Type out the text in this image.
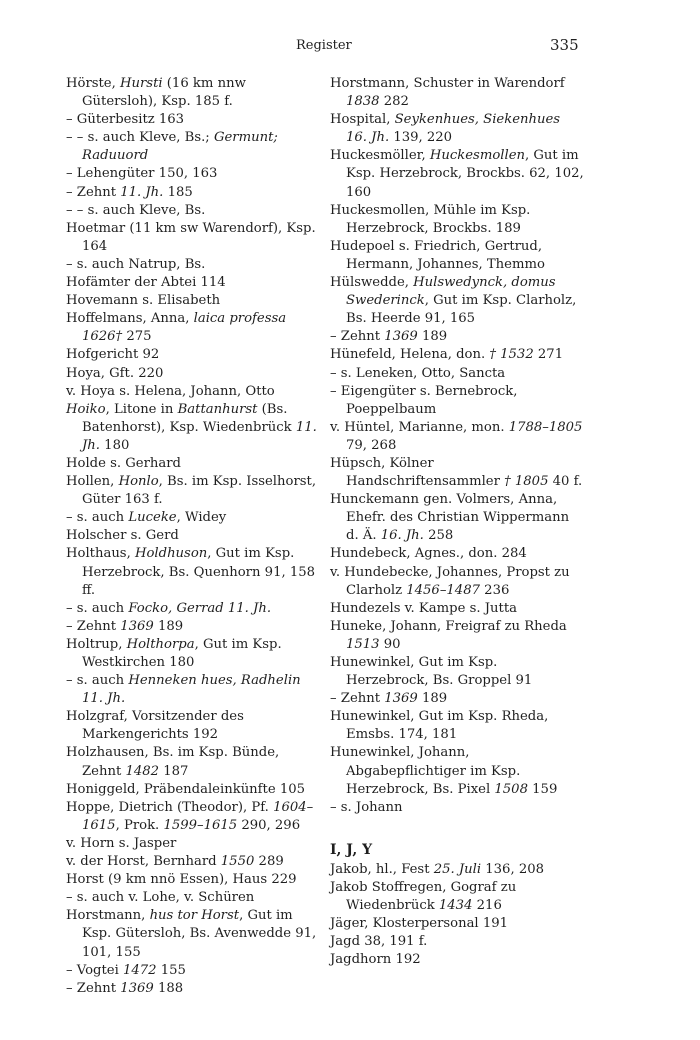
Register	335
Hörste, Hursti (16 km nnw Gütersloh), Ksp. 185 f.
– Güterbesitz 163
– – s. auch Kleve, Bs.; Germunt; Raduuord
– Lehengüter 150, 163
– Zehnt 11. Jh. 185
– – s. auch Kleve, Bs.
Hoetmar (11 km sw Warendorf), Ksp. 164
– s. auch Natrup, Bs.
Hofämter der Abtei 114
Hovemann s. Elisabeth
Hoffelmans, Anna, laica professa 1626† 275
Hofgericht 92
Hoya, Gft. 220
v. Hoya s. Helena, Johann, Otto
Hoiko, Litone in Battanhurst (Bs. Batenhorst), Ksp. Wiedenbrück 11. Jh. 180
Holde s. Gerhard
Hollen, Honlo, Bs. im Ksp. Isselhorst, Güter 163 f.
– s. auch Luceke, Widey
Holscher s. Gerd
Holthaus, Holdhuson, Gut im Ksp. Herzebrock, Bs. Quenhorn 91, 158 ff.
– s. auch Focko, Gerrad 11. Jh.
– Zehnt 1369 189
Holtrup, Holthorpa, Gut im Ksp. Westkirchen 180
– s. auch Henneken hues, Radhelin 11. Jh.
Holzgraf, Vorsitzender des Markengerichts 192
Holzhausen, Bs. im Ksp. Bünde, Zehnt 1482 187
Honiggeld, Präbendaleinkünfte 105
Hoppe, Dietrich (Theodor), Pf. 1604–1615, Prok. 1599–1615 290, 296
v. Horn s. Jasper
v. der Horst, Bernhard 1550 289
Horst (9 km nnö Essen), Haus 229
– s. auch v. Lohe, v. Schüren
Horstmann, hus tor Horst, Gut im Ksp. Gütersloh, Bs. Avenwedde 91, 101, 155
– Vogtei 1472 155
– Zehnt 1369 188
Horstmann, Schuster in Warendorf 1838 282
Hospital, Seykenhues, Siekenhues 16. Jh. 139, 220
Huckesmöller, Huckesmollen, Gut im Ksp. Herzebrock, Brockbs. 62, 102, 160
Huckesmollen, Mühle im Ksp. Herzebrock, Brockbs. 189
Hudepoel s. Friedrich, Gertrud, Hermann, Johannes, Themmo
Hülswedde, Hulswedynck, domus Swederinck, Gut im Ksp. Clarholz, Bs. Heerde 91, 165
– Zehnt 1369 189
Hünefeld, Helena, don. † 1532 271
– s. Leneken, Otto, Sancta
– Eigengüter s. Bernebrock, Poeppelbaum
v. Hüntel, Marianne, mon. 1788–1805 79, 268
Hüpsch, Kölner Handschriftensammler † 1805 40 f.
Hunckemann gen. Volmers, Anna, Ehefr. des Christian Wippermann d. Ä. 16. Jh. 258
Hundebeck, Agnes., don. 284
v. Hundebecke, Johannes, Propst zu Clarholz 1456–1487 236
Hundezels v. Kampe s. Jutta
Huneke, Johann, Freigraf zu Rheda 1513 90
Hunewinkel, Gut im Ksp. Herzebrock, Bs. Groppel 91
– Zehnt 1369 189
Hunewinkel, Gut im Ksp. Rheda, Emsbs. 174, 181
Hunewinkel, Johann, Abgabepflichtiger im Ksp. Herzebrock, Bs. Pixel 1508 159
– s. Johann
I, J, Y
Jakob, hl., Fest 25. Juli 136, 208
Jakob Stoffregen, Gograf zu Wiedenbrück 1434 216
Jäger, Klosterpersonal 191
Jagd 38, 191 f.
Jagdhorn 192
